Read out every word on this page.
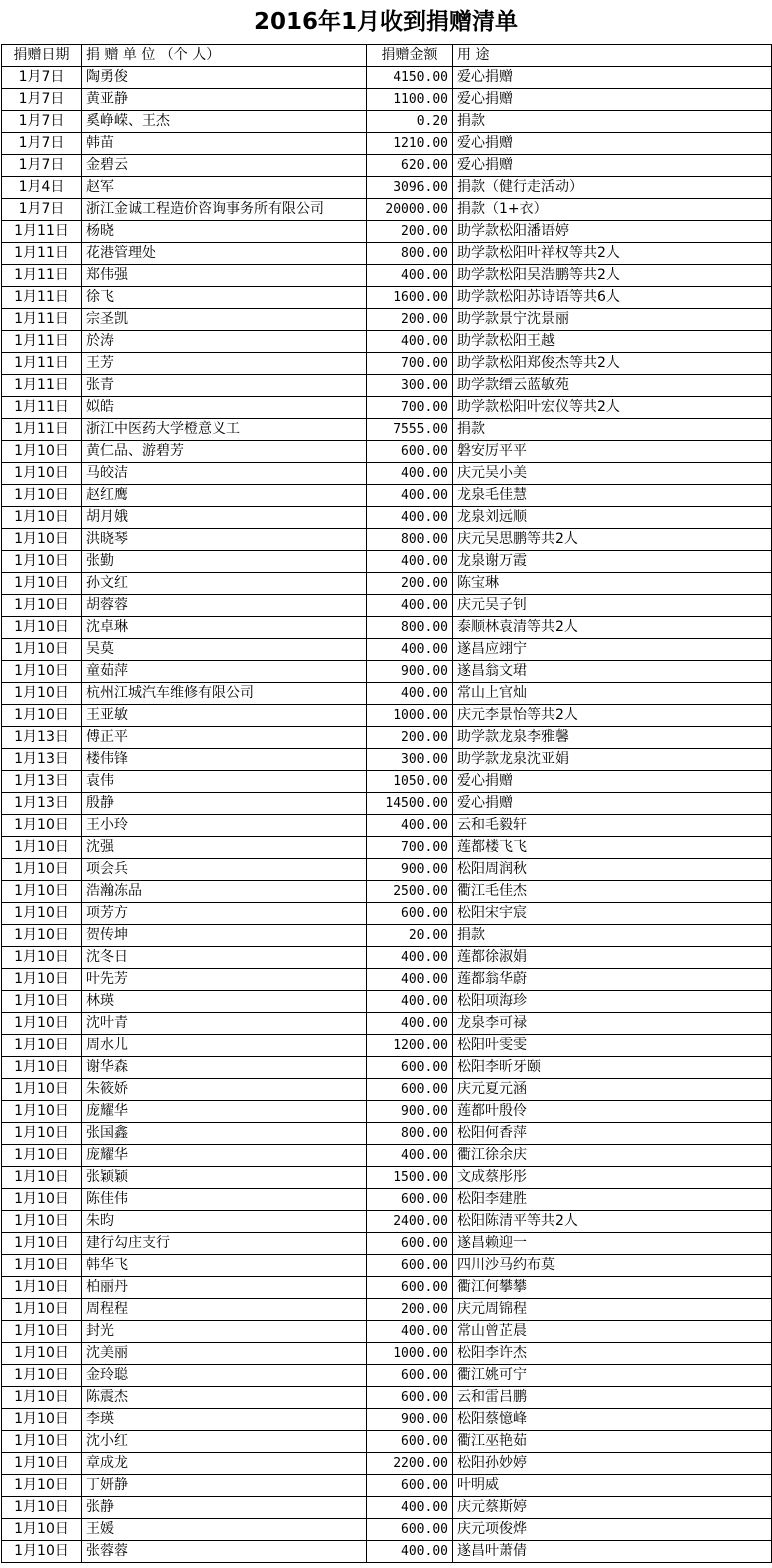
2016年1月收到捐赠清单
捐赠日期	捐 赠 单 位 （个 人）	捐赠金额	用 途
1月7日	陶勇俊	4150.00	爱心捐赠
1月7日	黄亚静	1100.00	爱心捐赠
1月7日	奚峥嵘、王杰	0.20	捐款
1月7日	韩苗	1210.00	爱心捐赠
1月7日	金碧云	620.00	爱心捐赠
1月4日	赵军	3096.00	捐款（健行走活动）
1月7日	浙江金诚工程造价咨询事务所有限公司	20000.00	捐款（1+衣）
1月11日	杨晓	200.00	助学款松阳潘语婷
1月11日	花港管理处	800.00	助学款松阳叶祥权等共2人
1月11日	郑伟强	400.00	助学款松阳吴浩鹏等共2人
1月11日	徐飞	1600.00	助学款松阳苏诗语等共6人
1月11日	宗圣凯	200.00	助学款景宁沈景丽
1月11日	於涛	400.00	助学款松阳王越
1月11日	王芳	700.00	助学款松阳郑俊杰等共2人
1月11日	张青	300.00	助学款缙云蓝敏苑
1月11日	姒皓	700.00	助学款松阳叶宏仪等共2人
1月11日	浙江中医药大学橙意义工	7555.00	捐款
1月10日	黄仁品、游碧芳	600.00	磐安厉平平
1月10日	马皎洁	400.00	庆元吴小美
1月10日	赵红鹰	400.00	龙泉毛佳慧
1月10日	胡月娥	400.00	龙泉刘远顺
1月10日	洪晓琴	800.00	庆元吴思鹏等共2人
1月10日	张勤	400.00	龙泉谢万霞
1月10日	孙文红	200.00	陈宝琳
1月10日	胡蓉蓉	400.00	庆元吴子钊
1月10日	沈卓琳	800.00	泰顺林袁清等共2人
1月10日	吴莫	400.00	遂昌应翊宁
1月10日	童茹萍	900.00	遂昌翁文珺
1月10日	杭州江城汽车维修有限公司	400.00	常山上官灿
1月10日	王亚敏	1000.00	庆元李景怡等共2人
1月13日	傅正平	200.00	助学款龙泉李雅馨
1月13日	楼伟锋	300.00	助学款龙泉沈亚娟
1月13日	袁伟	1050.00	爱心捐赠
1月13日	殷静	14500.00	爱心捐赠
1月10日	王小玲	400.00	云和毛毅轩
1月10日	沈强	700.00	莲都楼飞飞
1月10日	项会兵	900.00	松阳周润秋
1月10日	浩瀚冻品	2500.00	衢江毛佳杰
1月10日	项芳方	600.00	松阳宋宇宸
1月10日	贺传坤	20.00	捐款
1月10日	沈冬日	400.00	莲都徐淑娟
1月10日	叶先芳	400.00	莲都翁华蔚
1月10日	林瑛	400.00	松阳项海珍
1月10日	沈叶青	400.00	龙泉李可禄
1月10日	周水儿	1200.00	松阳叶雯雯
1月10日	谢华森	600.00	松阳李昕牙颐
1月10日	朱筱娇	600.00	庆元夏元涵
1月10日	庞耀华	900.00	莲都叶殷伶
1月10日	张国鑫	800.00	松阳何香萍
1月10日	庞耀华	400.00	衢江徐余庆
1月10日	张颖颖	1500.00	文成蔡彤彤
1月10日	陈佳伟	600.00	松阳李建胜
1月10日	朱昀	2400.00	松阳陈清平等共2人
1月10日	建行勾庄支行	600.00	遂昌赖迎一
1月10日	韩华飞	600.00	四川沙马约布莫
1月10日	柏丽丹	600.00	衢江何攀攀
1月10日	周程程	200.00	庆元周锦程
1月10日	封光	400.00	常山曾芷晨
1月10日	沈美丽	1000.00	松阳李许杰
1月10日	金玲聪	600.00	衢江姚可宁
1月10日	陈震杰	600.00	云和雷吕鹏
1月10日	李瑛	900.00	松阳蔡憶峰
1月10日	沈小红	600.00	衢江巫艳茹
1月10日	章成龙	2200.00	松阳孙妙婷
1月10日	丁妍静	600.00	叶明威
1月10日	张静	400.00	庆元蔡斯婷
1月10日	王媛	600.00	庆元项俊烨
1月10日	张蓉蓉	400.00	遂昌叶萧倩
